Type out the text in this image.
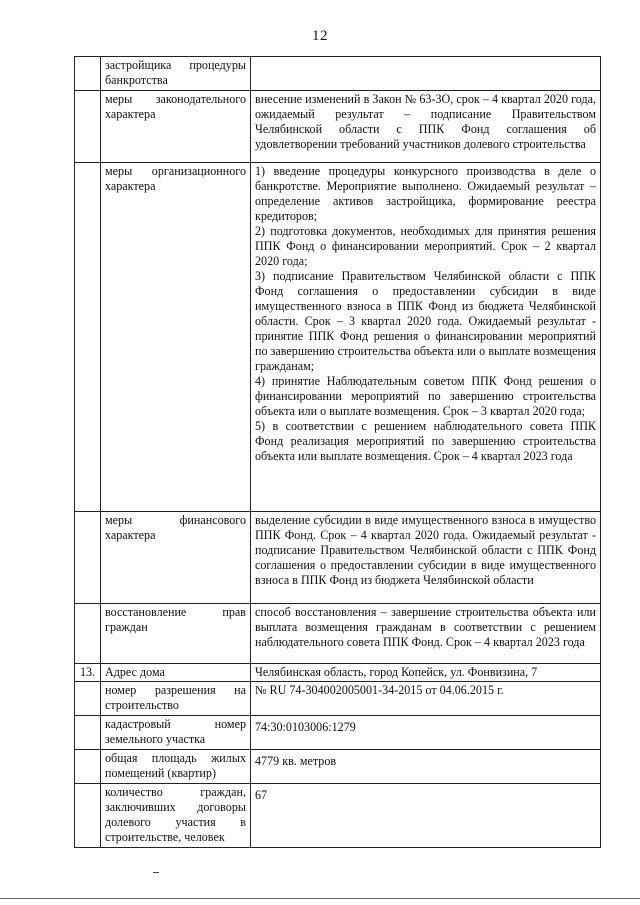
12
	застройщика процедуры банкротства	
	меры законодательного характера	внесение изменений в Закон № 63-ЗО, срок – 4 квартал 2020 года, ожидаемый результат – подписание Правительством Челябинской области с ППК Фонд соглашения об удовлетворении требований участников долевого строительства

	меры организационного характера	1) введение процедуры конкурсного производства в деле о банкротстве. Мероприятие выполнено. Ожидаемый результат – определение активов застройщика, формирование реестра кредиторов;
2) подготовка документов, необходимых для принятия решения ППК Фонд о финансировании мероприятий. Срок – 2 квартал 2020 года;
3) подписание Правительством Челябинской области с ППК Фонд соглашения о предоставлении субсидии в виде имущественного взноса в ППК Фонд из бюджета Челябинской области. Срок – 3 квартал 2020 года. Ожидаемый результат - принятие ППК Фонд решения о финансировании мероприятий по завершению строительства объекта или о выплате возмещения гражданам;
4) принятие Наблюдательным советом ППК Фонд решения о финансировании мероприятий по завершению строительства объекта или о выплате возмещения. Срок – 3 квартал 2020 года;
5) в соответствии с решением наблюдательного совета ППК Фонд реализация мероприятий по завершению строительства объекта или выплате возмещения. Срок – 4 квартал 2023 года

	меры финансового характера	выделение субсидии в виде имущественного взноса в имущество ППК Фонд. Срок – 4 квартал 2020 года. Ожидаемый результат - подписание Правительством Челябинской области с ППК Фонд соглашения о предоставлении субсидии в виде имущественного взноса в ППК Фонд из бюджета Челябинской области

	восстановление прав граждан	способ восстановления – завершение строительства объекта или выплата возмещения гражданам в соответствии с решением наблюдательного совета ППК Фонд. Срок – 4 квартал 2023 года

13.	Адрес дома	Челябинская область, город Копейск, ул. Фонвизина, 7

	номер разрешения на строительство	№ RU 74-304002005001-34-2015 от 04.06.2015 г.

	кадастровый номер земельного участка	74:30:0103006:1279

	общая площадь жилых помещений (квартир)	4779 кв. метров

	количество граждан, заключивших договоры долевого участия в строительстве, человек	67
